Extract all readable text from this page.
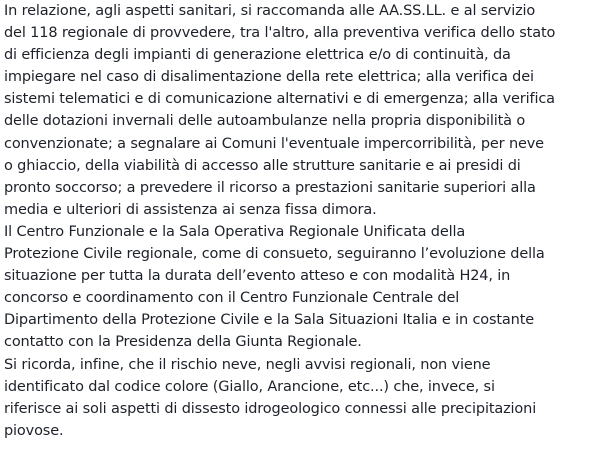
In relazione, agli aspetti sanitari, si raccomanda alle AA.SS.LL. e al servizio
del 118 regionale di provvedere, tra l'altro, alla preventiva verifica dello stato
di efficienza degli impianti di generazione elettrica e/o di continuità, da
impiegare nel caso di disalimentazione della rete elettrica; alla verifica dei
sistemi telematici e di comunicazione alternativi e di emergenza; alla verifica
delle dotazioni invernali delle autoambulanze nella propria disponibilità o
convenzionate; a segnalare ai Comuni l'eventuale impercorribilità, per neve
o ghiaccio, della viabilità di accesso alle strutture sanitarie e ai presidi di
pronto soccorso; a prevedere il ricorso a prestazioni sanitarie superiori alla
media e ulteriori di assistenza ai senza fissa dimora.
Il Centro Funzionale e la Sala Operativa Regionale Unificata della
Protezione Civile regionale, come di consueto, seguiranno l’evoluzione della
situazione per tutta la durata dell’evento atteso e con modalità H24, in
concorso e coordinamento con il Centro Funzionale Centrale del
Dipartimento della Protezione Civile e la Sala Situazioni Italia e in costante
contatto con la Presidenza della Giunta Regionale.
Si ricorda, infine, che il rischio neve, negli avvisi regionali, non viene
identificato dal codice colore (Giallo, Arancione, etc...) che, invece, si
riferisce ai soli aspetti di dissesto idrogeologico connessi alle precipitazioni
piovose.
